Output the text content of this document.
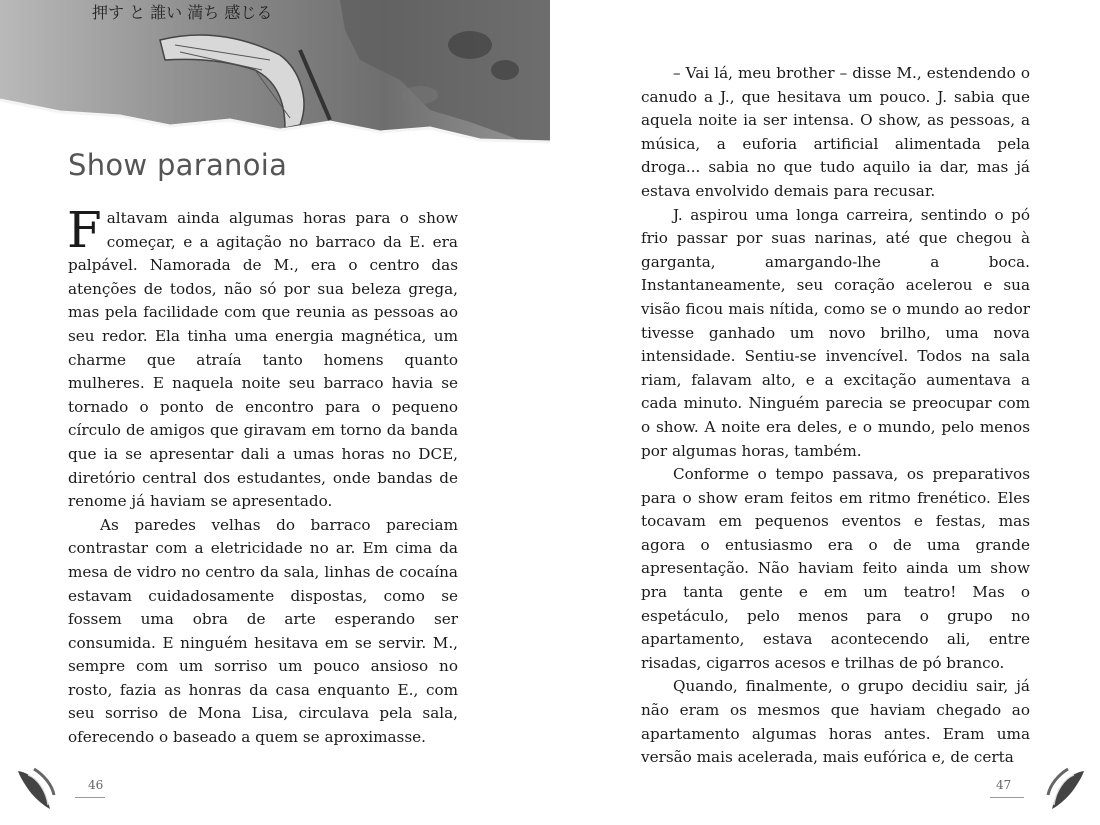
押す と 誰い 満ち 感じる
Show paranoia

Faltavam ainda algumas horas para o show começar, e a agitação no barraco da E. era palpável. Namorada de M., era o centro das atenções de todos, não só por sua beleza grega, mas pela facilidade com que reunia as pessoas ao seu redor. Ela tinha uma energia magnética, um charme que atraía tanto homens quanto mulheres. E naquela noite seu barraco havia se tornado o ponto de encontro para o pequeno círculo de amigos que giravam em torno da banda que ia se apresentar dali a umas horas no DCE, diretório central dos estudantes, onde bandas de renome já haviam se apresentado.

As paredes velhas do barraco pareciam contrastar com a eletricidade no ar. Em cima da mesa de vidro no centro da sala, linhas de cocaína estavam cuidadosamente dispostas, como se fossem uma obra de arte esperando ser consumida. E ninguém hesitava em se servir. M., sempre com um sorriso um pouco ansioso no rosto, fazia as honras da casa enquanto E., com seu sorriso de Mona Lisa, circulava pela sala, oferecendo o baseado a quem se aproximasse.

46

– Vai lá, meu brother – disse M., estendendo o canudo a J., que hesitava um pouco. J. sabia que aquela noite ia ser intensa. O show, as pessoas, a música, a euforia artificial alimentada pela droga... sabia no que tudo aquilo ia dar, mas já estava envolvido demais para recusar.

J. aspirou uma longa carreira, sentindo o pó frio passar por suas narinas, até que chegou à garganta, amargando-lhe a boca. Instantaneamente, seu coração acelerou e sua visão ficou mais nítida, como se o mundo ao redor tivesse ganhado um novo brilho, uma nova intensidade. Sentiu-se invencível. Todos na sala riam, falavam alto, e a excitação aumentava a cada minuto. Ninguém parecia se preocupar com o show. A noite era deles, e o mundo, pelo menos por algumas horas, também.

Conforme o tempo passava, os preparativos para o show eram feitos em ritmo frenético. Eles tocavam em pequenos eventos e festas, mas agora o entusiasmo era o de uma grande apresentação. Não haviam feito ainda um show pra tanta gente e em um teatro! Mas o espetáculo, pelo menos para o grupo no apartamento, estava acontecendo ali, entre risadas, cigarros acesos e trilhas de pó branco.

Quando, finalmente, o grupo decidiu sair, já não eram os mesmos que haviam chegado ao apartamento algumas horas antes. Eram uma versão mais acelerada, mais eufórica e, de certa

47
